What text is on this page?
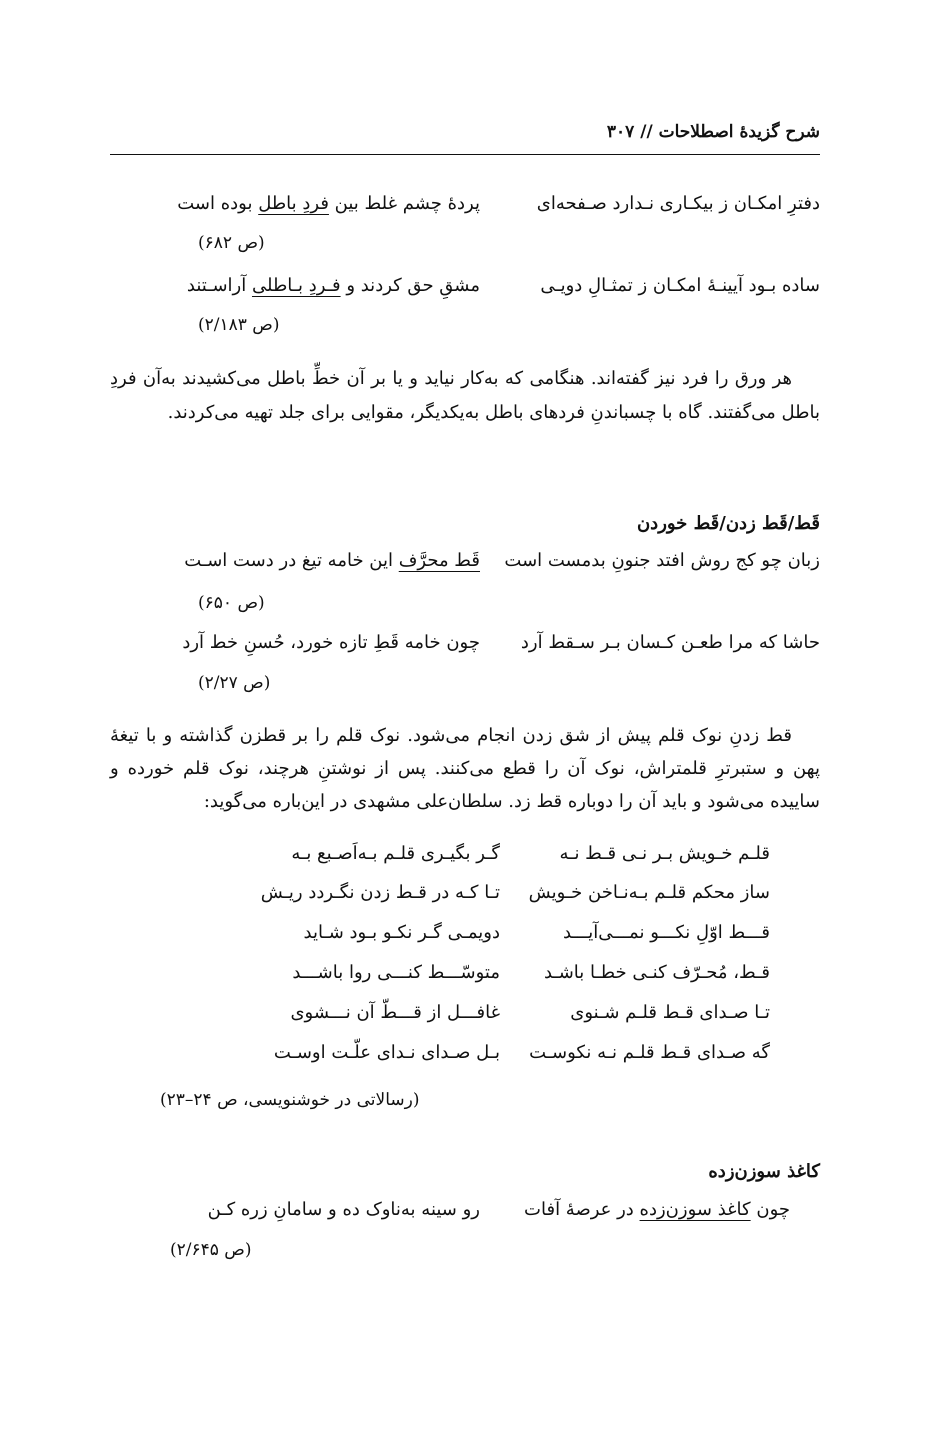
شرح گزیدهٔ اصطلاحات // ۳۰۷
دفترِ امکـان ز بیکـاری نـدارد صـفحه‌ای
پردهٔ چشم غلط بین فردِ باطل بوده است
(ص ۶۸۲)
ساده بـود آیینـهٔ امکـان ز تمثـالِ دویـی
مشقِ حق کردند و فـردِ بـاطلی آراسـتند
(ص ۲/۱۸۳)
هر ورق را فرد نیز گفته‌اند. هنگامی که به‌کار نیاید و یا بر آن خطِّ باطل می‌کشیدند به‌آن فردِ باطل می‌گفتند. گاه با چسباندنِ فردهای باطل به‌یکدیگر، مقوایی برای جلد تهیه می‌کردند.
قَط/قَط زدن/قَط خوردن
زبان چو کج روش افتد جنونِ بدمست است
قَط محرَّف این خامه تیغ در دست اسـت
(ص ۶۵۰)
حاشا که مرا طعـن کـسان بـر سـقط آرد
چون خامه قَطِ تازه خورد، حُسنِ خط آرد
(ص ۲/۲۷)
قط زدنِ نوک قلم پیش از شق زدن انجام می‌شود. نوک قلم را بر قطزن گذاشته و با تیغهٔ پهن و ستبرترِ قلمتراش، نوک آن را قطع می‌کنند. پس از نوشتنِ هرچند، نوک قلم خورده و ساییده می‌شود و باید آن را دوباره قط زد. سلطان‌علی مشهدی در این‌باره می‌گوید:
قلـم خـویش بـر نـی قـط نـه
گـر بگیـری قلـم بـه‌اَصـبع بـه
ساز محکم قلـم بـه‌نـاخن خـویش
تـا کـه در قـط زدن نگـردد ریـش
قـــط اوّلِ نکـــو نمـــی‌آیـــد
دویمـی گـر نکـو بـود شـاید
قـط، مُحـرّف کنـی خطـا باشـد
متوسّـــط کنـــی روا باشـــد
تـا صـدای قـط قلـم شـنوی
غافـــل از قـــطّ آن نـــشوی
گه صـدای قـط قلـم نـه نکوسـت
بـل صـدای نـدای علّـت اوسـت
(رسالاتی در خوشنویسی، ص ۲۴–۲۳)
کاغذ سوزن‌زده
چون کاغذ سوزن‌زده در عرصهٔ آفات
رو سینه به‌ناوک ده و سامانِ زره کـن
(ص ۲/۶۴۵)
